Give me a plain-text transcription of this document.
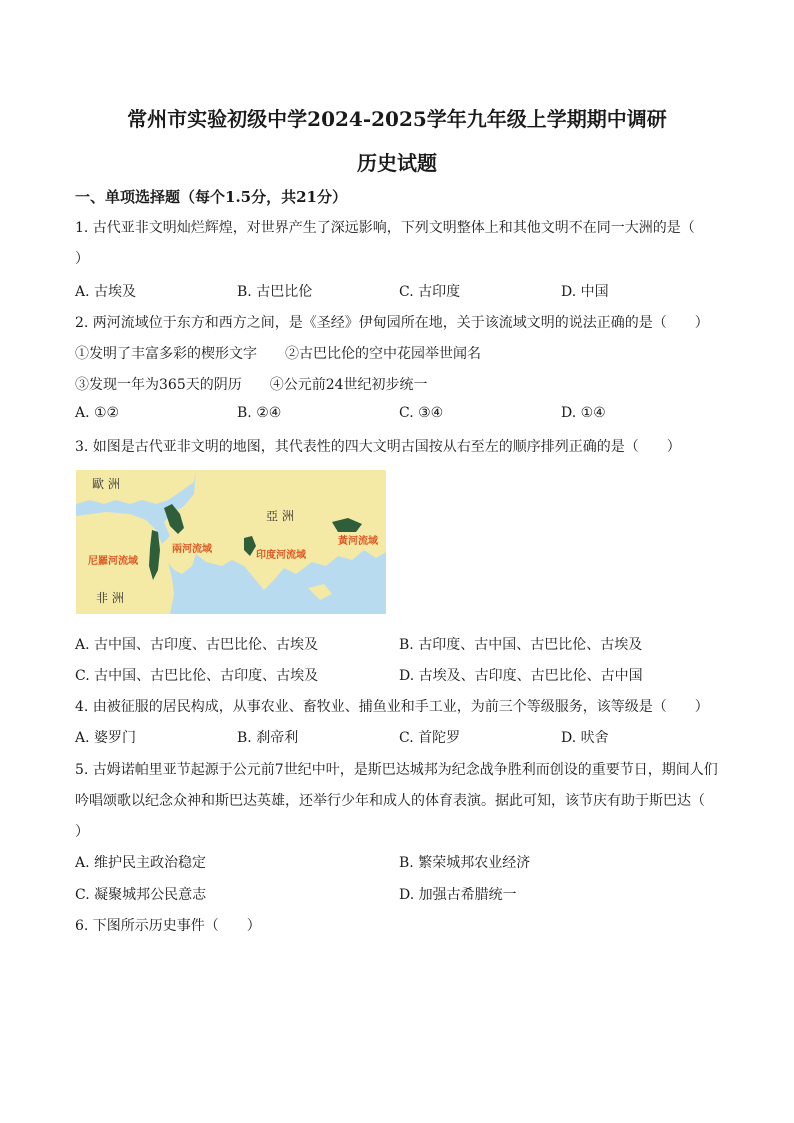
常州市实验初级中学2024-2025学年九年级上学期期中调研
历史试题
一、单项选择题（每个1.5分，共21分）
1. 古代亚非文明灿烂辉煌，对世界产生了深远影响，下列文明整体上和其他文明不在同一大洲的是（
）
A. 古埃及	B. 古巴比伦	C. 古印度	D. 中国
2. 两河流域位于东方和西方之间，是《圣经》伊甸园所在地，关于该流域文明的说法正确的是（　　）
①发明了丰富多彩的楔形文字　　②古巴比伦的空中花园举世闻名
③发现一年为365天的阴历　　④公元前24世纪初步统一
A. ①②	B. ②④	C. ③④	D. ①④
3. 如图是古代亚非文明的地图，其代表性的四大文明古国按从右至左的顺序排列正确的是（　　）
歐 洲
亞 洲
非 洲
尼羅河流域
兩河流域
印度河流域
黃河流域
A. 古中国、古印度、古巴比伦、古埃及	B. 古印度、古中国、古巴比伦、古埃及
C. 古中国、古巴比伦、古印度、古埃及	D. 古埃及、古印度、古巴比伦、古中国
4. 由被征服的居民构成，从事农业、畜牧业、捕鱼业和手工业，为前三个等级服务，该等级是（　　）
A. 婆罗门	B. 刹帝利	C. 首陀罗	D. 吠舍
5. 古姆诺帕里亚节起源于公元前7世纪中叶，是斯巴达城邦为纪念战争胜利而创设的重要节日，期间人们
吟唱颂歌以纪念众神和斯巴达英雄，还举行少年和成人的体育表演。据此可知，该节庆有助于斯巴达（
）
A. 维护民主政治稳定	B. 繁荣城邦农业经济
C. 凝聚城邦公民意志	D. 加强古希腊统一
6. 下图所示历史事件（　　）
